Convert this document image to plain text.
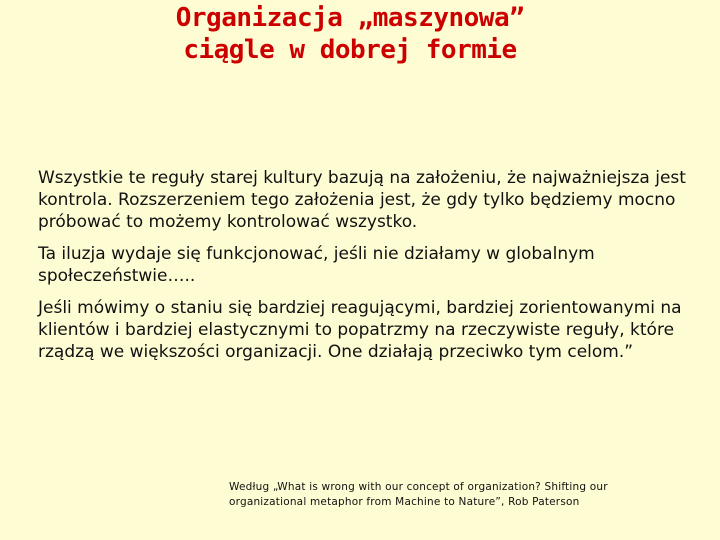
Organizacja „maszynowa”
ciągle w dobrej formie

Wszystkie te reguły starej kultury bazują na założeniu, że najważniejsza jest kontrola. Rozszerzeniem tego założenia jest, że gdy tylko będziemy mocno próbować to możemy kontrolować wszystko.

Ta iluzja wydaje się funkcjonować, jeśli nie działamy w globalnym społeczeństwie…..

Jeśli mówimy o staniu się bardziej reagującymi, bardziej zorientowanymi na klientów i bardziej elastycznymi to popatrzmy na rzeczywiste reguły, które rządzą we większości organizacji. One działają przeciwko tym celom.”

Według „What is wrong with our concept of organization? Shifting our organizational metaphor from Machine to Nature”, Rob Paterson
